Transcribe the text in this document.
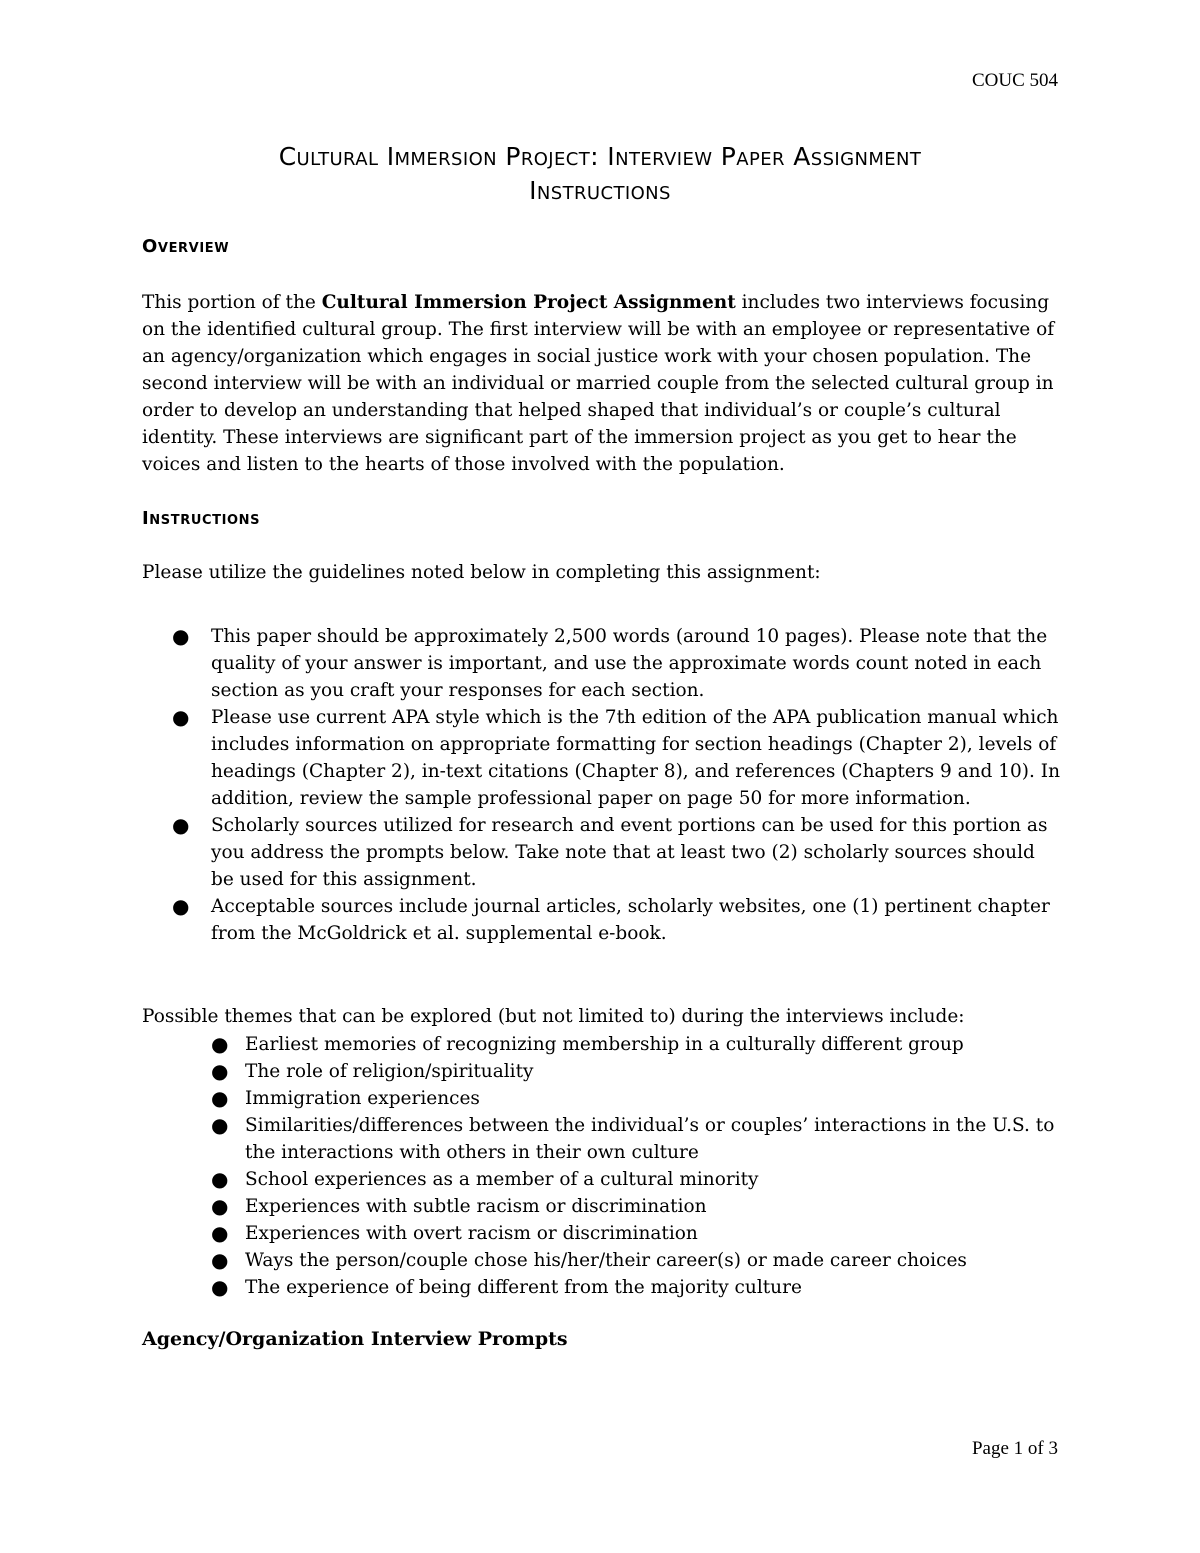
COUC 504
Cultural Immersion Project: Interview Paper Assignment
Instructions
Overview

This portion of the Cultural Immersion Project Assignment includes two interviews focusing on the identified cultural group. The first interview will be with an employee or representative of an agency/organization which engages in social justice work with your chosen population. The second interview will be with an individual or married couple from the selected cultural group in order to develop an understanding that helped shaped that individual’s or couple’s cultural identity. These interviews are significant part of the immersion project as you get to hear the voices and listen to the hearts of those involved with the population.

Instructions

Please utilize the guidelines noted below in completing this assignment:

● This paper should be approximately 2,500 words (around 10 pages). Please note that the quality of your answer is important, and use the approximate words count noted in each section as you craft your responses for each section.
● Please use current APA style which is the 7th edition of the APA publication manual which includes information on appropriate formatting for section headings (Chapter 2), levels of headings (Chapter 2), in-text citations (Chapter 8), and references (Chapters 9 and 10). In addition, review the sample professional paper on page 50 for more information.
● Scholarly sources utilized for research and event portions can be used for this portion as you address the prompts below. Take note that at least two (2) scholarly sources should be used for this assignment.
● Acceptable sources include journal articles, scholarly websites, one (1) pertinent chapter from the McGoldrick et al. supplemental e-book.

Possible themes that can be explored (but not limited to) during the interviews include:

● Earliest memories of recognizing membership in a culturally different group
● The role of religion/spirituality
● Immigration experiences
● Similarities/differences between the individual’s or couples’ interactions in the U.S. to the interactions with others in their own culture
● School experiences as a member of a cultural minority
● Experiences with subtle racism or discrimination
● Experiences with overt racism or discrimination
● Ways the person/couple chose his/her/their career(s) or made career choices
● The experience of being different from the majority culture
Agency/Organization Interview Prompts
Page 1 of 3
